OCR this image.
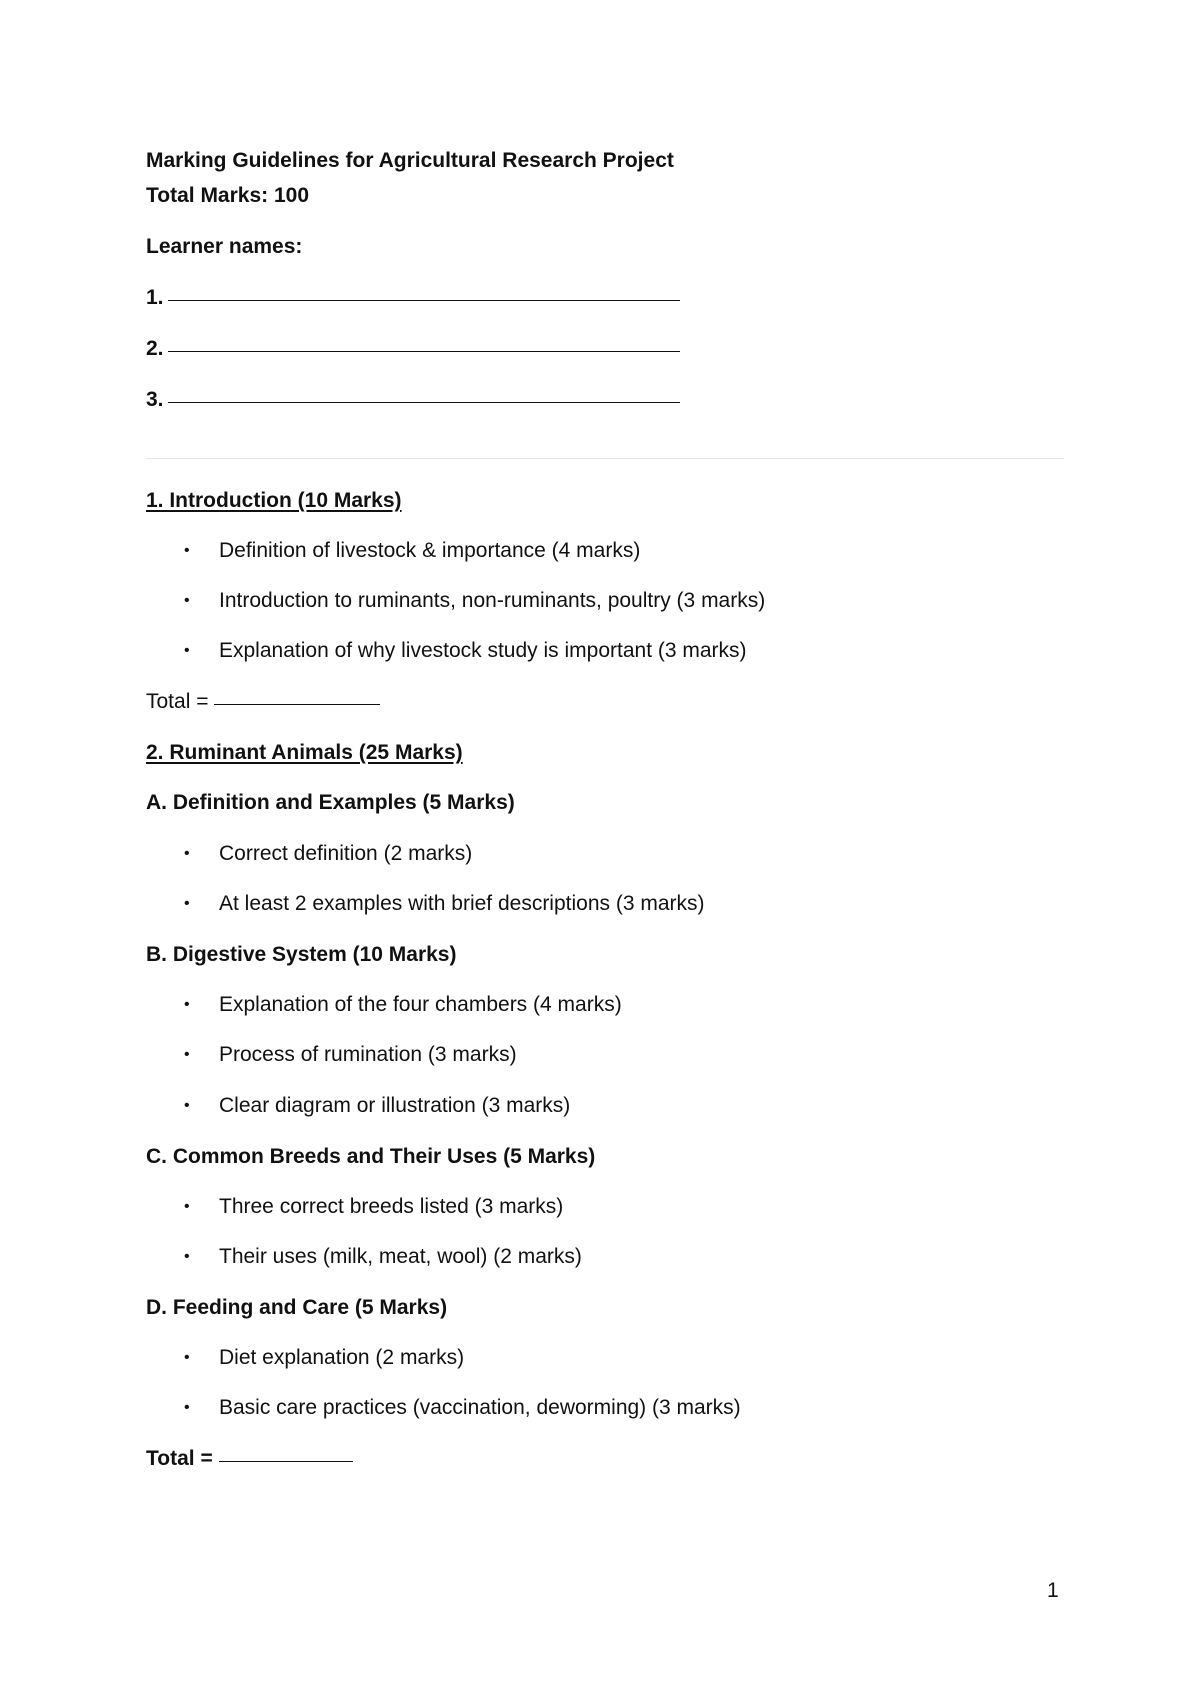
Marking Guidelines for Agricultural Research Project
Total Marks: 100
Learner names:
1.
2.
3.
1. Introduction (10 Marks)
• Definition of livestock & importance (4 marks)
• Introduction to ruminants, non-ruminants, poultry (3 marks)
• Explanation of why livestock study is important (3 marks)
Total =
2. Ruminant Animals (25 Marks)
A. Definition and Examples (5 Marks)
• Correct definition (2 marks)
• At least 2 examples with brief descriptions (3 marks)
B. Digestive System (10 Marks)
• Explanation of the four chambers (4 marks)
• Process of rumination (3 marks)
• Clear diagram or illustration (3 marks)
C. Common Breeds and Their Uses (5 Marks)
• Three correct breeds listed (3 marks)
• Their uses (milk, meat, wool) (2 marks)
D. Feeding and Care (5 Marks)
• Diet explanation (2 marks)
• Basic care practices (vaccination, deworming) (3 marks)
Total =
1
